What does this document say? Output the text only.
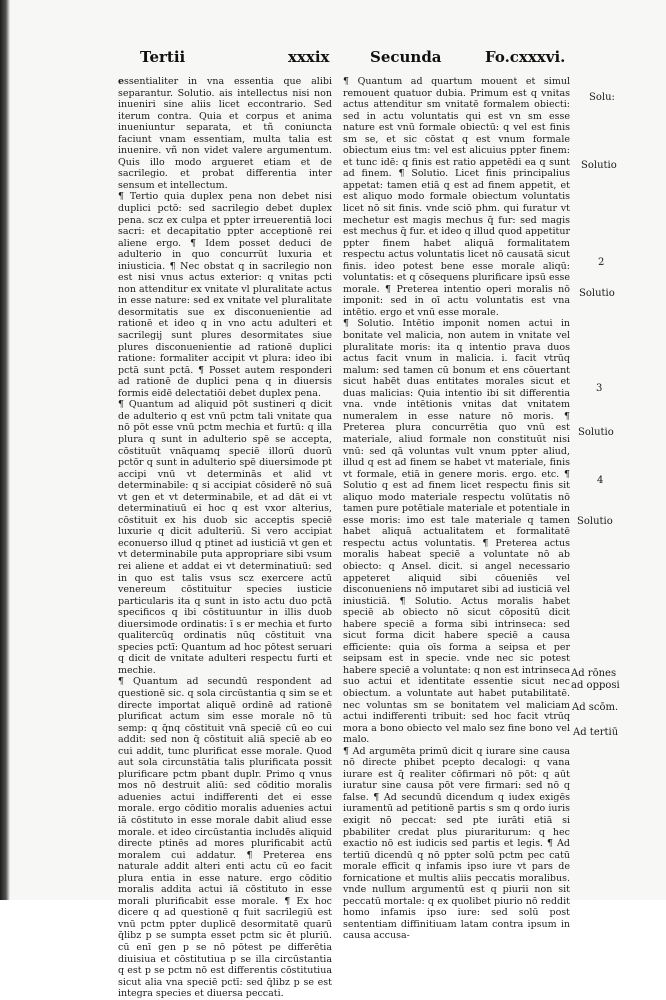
Tertii	xxxix	Secunda	Fo.cxxxvi.

essentialiter in vna essentia que alibi separantur. Solutio. ais intellectus nisi non inueniri sine aliis licet eccontrario. Sed iterum contra. Quia et corpus et anima inueniuntur separata, et tñ coniuncta faciunt vnam essentiam, multa talia est inuenire. vñ non videt valere argumentum. Quis illo modo argueret etiam et de sacrilegio. et probat differentia inter sensum et intellectum.

¶ Tertio quia duplex pena non debet nisi duplici pctō: sed sacrilegio debet duplex pena. scz ex culpa et ppter irreuerentiā loci sacri: et decapitatio ppter acceptionē rei aliene ergo. ¶ Idem posset deduci de adulterio in quo concurrūt luxuria et iniusticia. ¶ Nec obstat q in sacrilegio non est nisi vnus actus exterior: q vnitas pcti non attenditur ex vnitate vl pluralitate actus in esse nature: sed ex vnitate vel pluralitate desormitatis sue ex disconuenientie ad rationē et ideo q in vno actu adulteri et sacrilegij sunt plures desormitates siue plures disconuenientie ad rationē duplici ratione: formaliter accipit vt plura: ideo ibi pctā sunt pctā. ¶ Posset autem responderi ad rationē de duplici pena q in diuersis formis eidē delectatiōi debet duplex pena.

¶ Quantum ad aliquid pōt sustineri q dicit de adulterio q est vnū pctm tali vnitate qua nō pōt esse vnū pctm mechia et furtū: q illa plura q sunt in adulterio spē se accepta, cōstituūt vnāquamq speciē illorū duorū pctōr q sunt in adulterio spē diuersimode pt accipi vnū vt determinās et alid vt determinabile: q si accipiat cōsiderē nō suā vt gen et vt determinabile, et ad dāt ei vt determinatiuū ei hoc q est vxor alterius, cōstituit ex his duob sic acceptis speciē luxurie q dicit adulteriū. Si vero accipiat econuerso illud q ptinet ad iusticiā vt gen et vt determinabile puta appropriare sibi vsum rei aliene et addat ei vt determinatiuū: sed in quo est talis vsus scz exercere actū venereum cōstituitur species iusticie particularis ita q sunt in isto actu duo pctā specificos q ibi cōstituuntur in illis duob diuersimode ordinatis: ī s er mechia et furto qualitercūq ordinatis nūq cōstituit vna species pctī: Quantum ad hoc pōtest seruari q dicit de vnitate adulteri respectu furti et mechie.

¶ Quantum ad secundū respondent ad questionē sic. q sola circūstantia q sim se et directe importat aliquē ordinē ad rationē plurificat actum sim esse morale nō tū semp: q q̄nq cōstituit vnā speciē cū eo cui addit: sed non q̄ cōstituit aliā speciē ab eo cui addit, tunc plurificat esse morale. Quod aut sola circunstātia talis plurificata possit plurificare pctm pbant duplr. Primo q vnus mos nō destruit aliū: sed cōditio moralis aduenies actui indifferenti det ei esse morale. ergo cōditio moralis aduenies actui iā cōstituto in esse morale dabit aliud esse morale. et ideo circūstantia includēs aliquid directe ptinēs ad mores plurificabit actū moralem cui addatur. ¶ Preterea ens naturale addit alteri enti actu cū eo facit plura entia in esse nature. ergo cōditio moralis addita actui iā cōstituto in esse morali plurificabit esse morale. ¶ Ex hoc dicere q ad questionē q fuit sacrilegiū est vnū pctm ppter duplicē desormitatē quarū q̄libz p se sumpta esset pctm sic ēt pluriū. cū enī gen p se nō pōtest pe differētia diuisiua et cōstitutiua p se illa circūstantia q est p se pctm nō est differentis cōstitutiua sicut alia vna speciē pctī: sed q̄libz p se est integra species et diuersa peccati.

¶ Quantum ad quartum mouent et simul remouent quatuor dubia. Primum est q vnitas actus attenditur sm vnitatē formalem obiecti: sed in actu voluntatis qui est vn sm esse nature est vnū formale obiectū: q vel est finis sm se, et sic cōstat q est vnum formale obiectum eius tm: vel est alicuius ppter finem: et tunc idē: q finis est ratio appetēdi ea q sunt ad finem. ¶ Solutio. Licet finis principalius appetat: tamen etiā q est ad finem appetit, et est aliquo modo formale obiectum voluntatis licet nō sit finis. vnde sciō phm. qui furatur vt mechetur est magis mechus q̄ fur: sed magis est mechus q̄ fur. et ideo q illud quod appetitur ppter finem habet aliquā formalitatem respectu actus voluntatis licet nō causatā sicut finis. ideo potest bene esse morale aliqū: voluntatis: et q cōsequens plurificare ipsū esse morale. ¶ Preterea intentio operi moralis nō imponit: sed in oī actu voluntatis est vna intētio. ergo et vnū esse morale.

¶ Solutio. Intētio imponit nomen actui in bonitate vel malicia, non autem in vnitate vel pluralitate moris: ita q intentio prava duos actus facit vnum in malicia. i. facit vtrūq malum: sed tamen cū bonum et ens cōuertant sicut habēt duas entitates morales sicut et duas malicias: Quia intentio ibi sit differentia vna. vnde intētionis vnitas dat vnitatem numeralem in esse nature nō moris. ¶ Preterea plura concurrētia quo vnū est materiale, aliud formale non constituūt nisi vnū: sed qā voluntas vult vnum ppter aliud, illud q est ad finem se habet vt materiale, finis vt formale, etiā in genere moris. ergo. etc. ¶ Solutio q est ad finem licet respectu finis sit aliquo modo materiale respectu volūtatis nō tamen pure potētiale materiale et potentiale in esse moris: imo est tale materiale q tamen habet aliquā actualitatem et formalitatē respectu actus voluntatis. ¶ Preterea actus moralis habeat speciē a voluntate nō ab obiecto: q Ansel. dicit. si angel necessario appeteret aliquid sibi cōueniēs vel disconueniens nō imputaret sibi ad iusticiā vel iniusticiā. ¶ Solutio. Actus moralis habet speciē ab obiecto nō sicut cōpositū dicit habere speciē a forma sibi intrinseca: sed sicut forma dicit habere speciē a causa efficiente: quia oīs forma a seipsa et per seipsam est in specie. vnde nec sic potest habere speciē a voluntate: q non est intrinseca suo actui et identitate essentie sicut nec obiectum. a voluntate aut habet putabilitatē. nec voluntas sm se bonitatem vel maliciam actui indifferenti tribuit: sed hoc facit vtrūq mora a bono obiecto vel malo sez fine bono vel malo.

¶ Ad argumēta primū dicit q iurare sine causa nō directe phibet pcepto decalogi: q vana iurare est q̄ realiter cōfirmari nō pōt: q aūt iuratur sine causa pōt vere firmari: sed nō q false. ¶ Ad secundū dicendum q iudex exigēs iuramentū ad petitionē partis s sm q ordo iuris exigit nō peccat: sed pte iurāti etiā si pbabiliter credat plus piurariturum: q hec exactio nō est iudicis sed partis et legis. ¶ Ad tertiū dicendū q nō ppter solū pctm pec catū morale efficit q infamis ipso iure vt pars de fornicatione et multis aliis peccatis moralibus. vnde nullum argumentū est q piurii non sit peccatū mortale: q ex quolibet piurio nō reddit homo infamis ipso iure: sed solū post sententiam diffinitiuam latam contra ipsum in causa accusa-

Solu:
Solutio
2
Solutio
3
Solutio
4
Solutio
Ad rōnes
ad opposi
Ad scōm.
Ad tertiū
